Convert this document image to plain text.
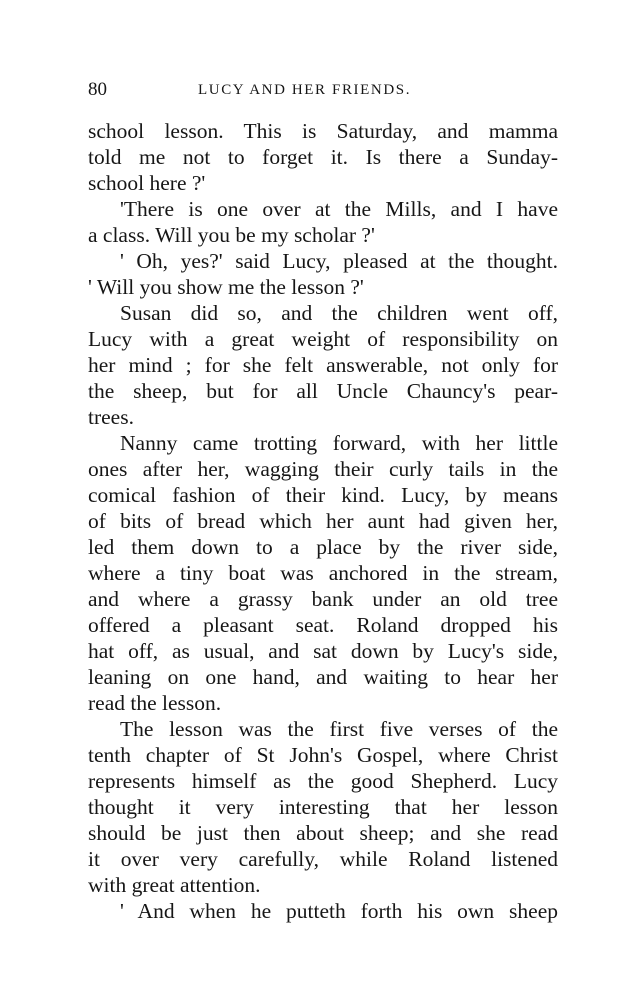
80	LUCY AND HER FRIENDS.
school lesson. This is Saturday, and mamma
told me not to forget it. Is there a Sunday-
school here ?'
'There is one over at the Mills, and I have
a class. Will you be my scholar ?'
' Oh, yes?' said Lucy, pleased at the thought.
' Will you show me the lesson ?'
Susan did so, and the children went off,
Lucy with a great weight of responsibility on
her mind ; for she felt answerable, not only for
the sheep, but for all Uncle Chauncy's pear-
trees.
Nanny came trotting forward, with her little
ones after her, wagging their curly tails in the
comical fashion of their kind. Lucy, by means
of bits of bread which her aunt had given her,
led them down to a place by the river side,
where a tiny boat was anchored in the stream,
and where a grassy bank under an old tree
offered a pleasant seat. Roland dropped his
hat off, as usual, and sat down by Lucy's side,
leaning on one hand, and waiting to hear her
read the lesson.
The lesson was the first five verses of the
tenth chapter of St John's Gospel, where Christ
represents himself as the good Shepherd. Lucy
thought it very interesting that her lesson
should be just then about sheep; and she read
it over very carefully, while Roland listened
with great attention.
' And when he putteth forth his own sheep
